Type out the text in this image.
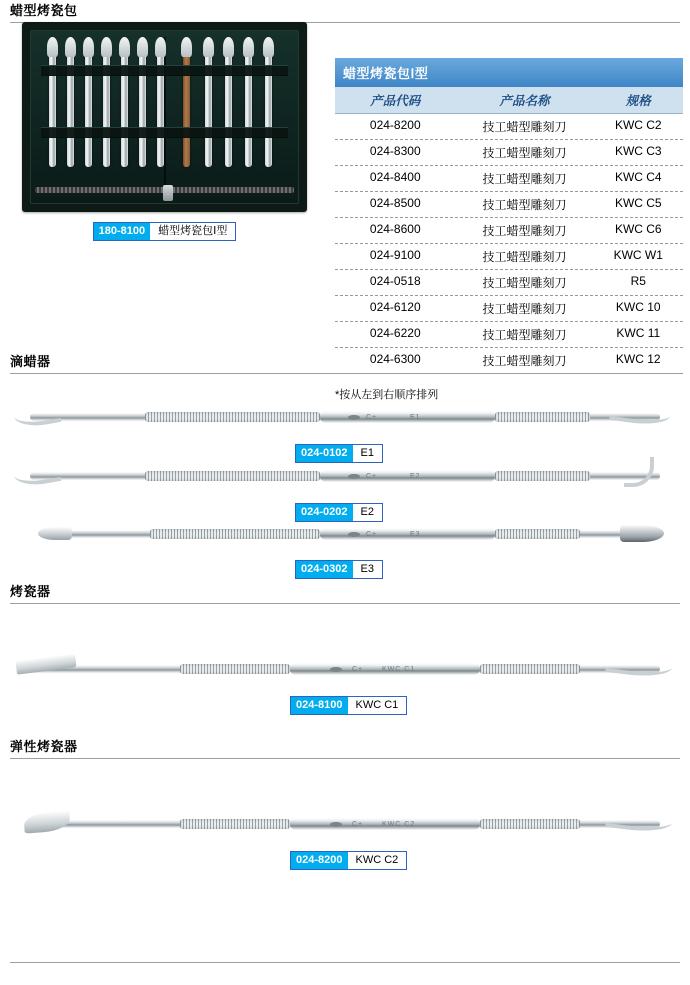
蜡型烤瓷包
180-8100	蜡型烤瓷包Ⅰ型
蜡型烤瓷包Ⅰ型
产品代码	产品名称	规格
024-8200	技工蜡型雕刻刀	KWC C2
024-8300	技工蜡型雕刻刀	KWC C3
024-8400	技工蜡型雕刻刀	KWC C4
024-8500	技工蜡型雕刻刀	KWC C5
024-8600	技工蜡型雕刻刀	KWC C6
024-9100	技工蜡型雕刻刀	KWC W1
024-0518	技工蜡型雕刻刀	R5
024-6120	技工蜡型雕刻刀	KWC 10
024-6220	技工蜡型雕刻刀	KWC 11
024-6300	技工蜡型雕刻刀	KWC 12
*按从左到右顺序排列
滴蜡器
C+	E1
024-0102	E1
C+	E2
024-0202	E2
C+	E3
024-0302	E3
烤瓷器
C+	KWC C1
024-8100	KWC C1
弹性烤瓷器
C+	KWC C2
024-8200	KWC C2
